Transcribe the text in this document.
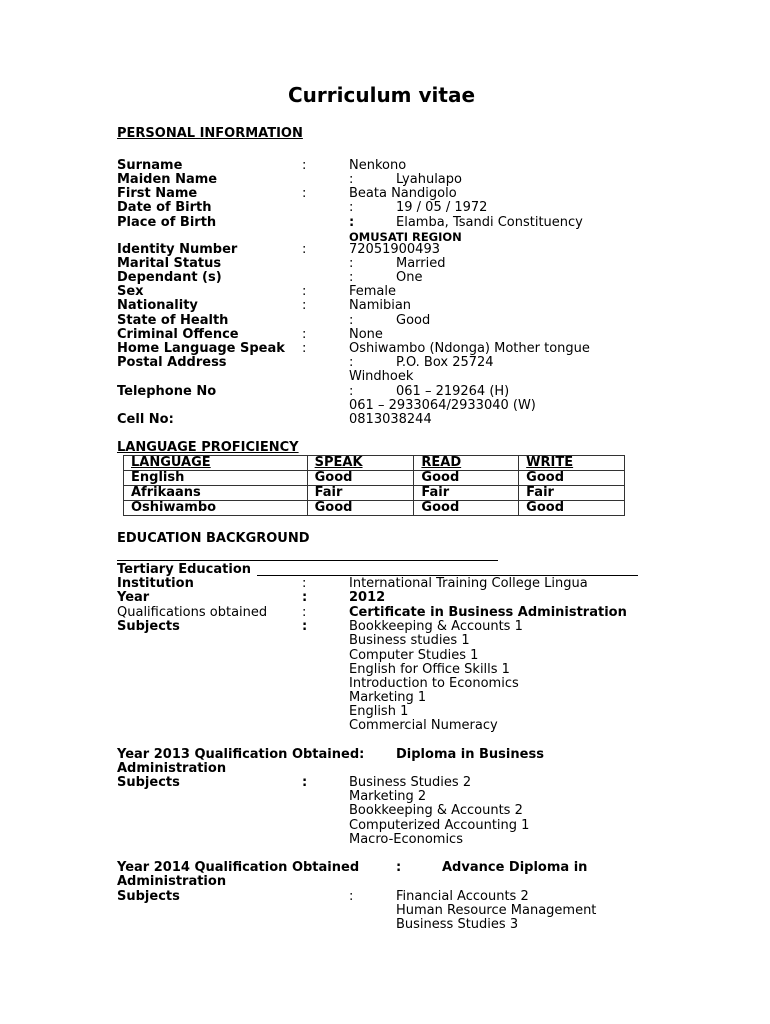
Curriculum vitae
PERSONAL INFORMATION
Surname	:	Nenkono
Maiden Name	:	Lyahulapo
First Name	:	Beata Nandigolo
Date of Birth	:	19 / 05 / 1972
Place of Birth	:	Elamba, Tsandi Constituency
OMUSATI REGION
Identity Number	:	72051900493
Marital Status	:	Married
Dependant (s)	:	One
Sex	:	Female
Nationality	:	Namibian
State of Health	:	Good
Criminal Offence	:	None
Home Language Speak :	Oshiwambo (Ndonga) Mother tongue
Postal Address	:	P.O. Box 25724
Windhoek
Telephone No	:	061 – 219264 (H)
061 – 2933064/2933040 (W)
Cell No:	0813038244
LANGUAGE PROFICIENCY
LANGUAGE	SPEAK	READ	WRITE
English	Good	Good	Good
Afrikaans	Fair	Fair	Fair
Oshiwambo	Good	Good	Good
EDUCATION BACKGROUND
Tertiary Education
Institution	:	International Training College Lingua
Year	:	2012
Qualifications obtained	:	Certificate in Business Administration
Subjects	:	Bookkeeping & Accounts 1
Business studies 1
Computer Studies 1
English for Office Skills 1
Introduction to Economics
Marketing 1
English 1
Commercial Numeracy
Year 2013 Qualification Obtained: Diploma in Business
Administration
Subjects	:	Business Studies 2
Marketing 2
Bookkeeping & Accounts 2
Computerized Accounting 1
Macro-Economics
Year 2014 Qualification Obtained	:	Advance Diploma in
Administration
Subjects	:	Financial Accounts 2
Human Resource Management
Business Studies 3
